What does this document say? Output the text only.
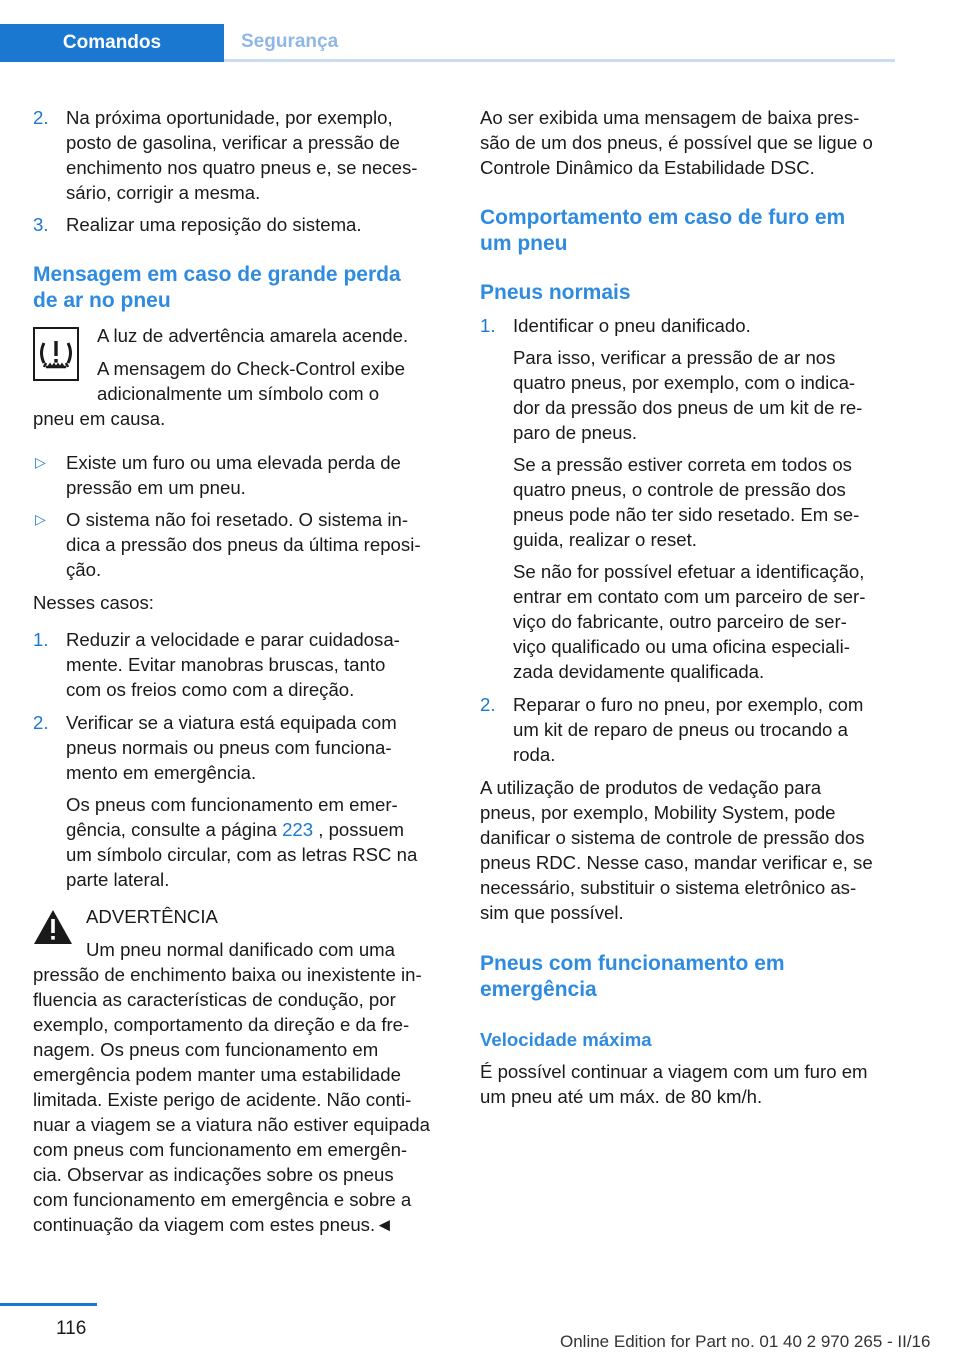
Comandos	Segurança
2. Na próxima oportunidade, por exemplo,

posto de gasolina, verificar a pressão de

enchimento nos quatro pneus e, se neces‐

sário, corrigir a mesma.

3. Realizar uma reposição do sistema.

Mensagem em caso de grande perda
de ar no pneu

A luz de advertência amarela acende.

A mensagem do Check-Control exibe

adicionalmente um símbolo com o

pneu em causa.

▷ Existe um furo ou uma elevada perda de

pressão em um pneu.

▷ O sistema não foi resetado. O sistema in‐

dica a pressão dos pneus da última reposi‐

ção.

Nesses casos:

1. Reduzir a velocidade e parar cuidadosa‐

mente. Evitar manobras bruscas, tanto

com os freios como com a direção.

2. Verificar se a viatura está equipada com

pneus normais ou pneus com funciona‐

mento em emergência.

Os pneus com funcionamento em emer‐

gência, consulte a página 223 , possuem

um símbolo circular, com as letras RSC na

parte lateral.

ADVERTÊNCIA

Um pneu normal danificado com uma

pressão de enchimento baixa ou inexistente in‐

fluencia as características de condução, por

exemplo, comportamento da direção e da fre‐

nagem. Os pneus com funcionamento em

emergência podem manter uma estabilidade

limitada. Existe perigo de acidente. Não conti‐

nuar a viagem se a viatura não estiver equipada

com pneus com funcionamento em emergên‐

cia. Observar as indicações sobre os pneus

com funcionamento em emergência e sobre a

continuação da viagem com estes pneus.◄

Ao ser exibida uma mensagem de baixa pres‐

são de um dos pneus, é possível que se ligue o

Controle Dinâmico da Estabilidade DSC.

Comportamento em caso de furo em
um pneu
Pneus normais
1. Identificar o pneu danificado.

Para isso, verificar a pressão de ar nos

quatro pneus, por exemplo, com o indica‐

dor da pressão dos pneus de um kit de re‐

paro de pneus.

Se a pressão estiver correta em todos os

quatro pneus, o controle de pressão dos

pneus pode não ter sido resetado. Em se‐

guida, realizar o reset.

Se não for possível efetuar a identificação,

entrar em contato com um parceiro de ser‐

viço do fabricante, outro parceiro de ser‐

viço qualificado ou uma oficina especiali‐

zada devidamente qualificada.

2. Reparar o furo no pneu, por exemplo, com

um kit de reparo de pneus ou trocando a

roda.

A utilização de produtos de vedação para

pneus, por exemplo, Mobility System, pode

danificar o sistema de controle de pressão dos

pneus RDC. Nesse caso, mandar verificar e, se

necessário, substituir o sistema eletrônico as‐

sim que possível.

Pneus com funcionamento em
emergência
Velocidade máxima

É possível continuar a viagem com um furo em

um pneu até um máx. de 80 km/h.

116
Online Edition for Part no. 01 40 2 970 265 - II/16
